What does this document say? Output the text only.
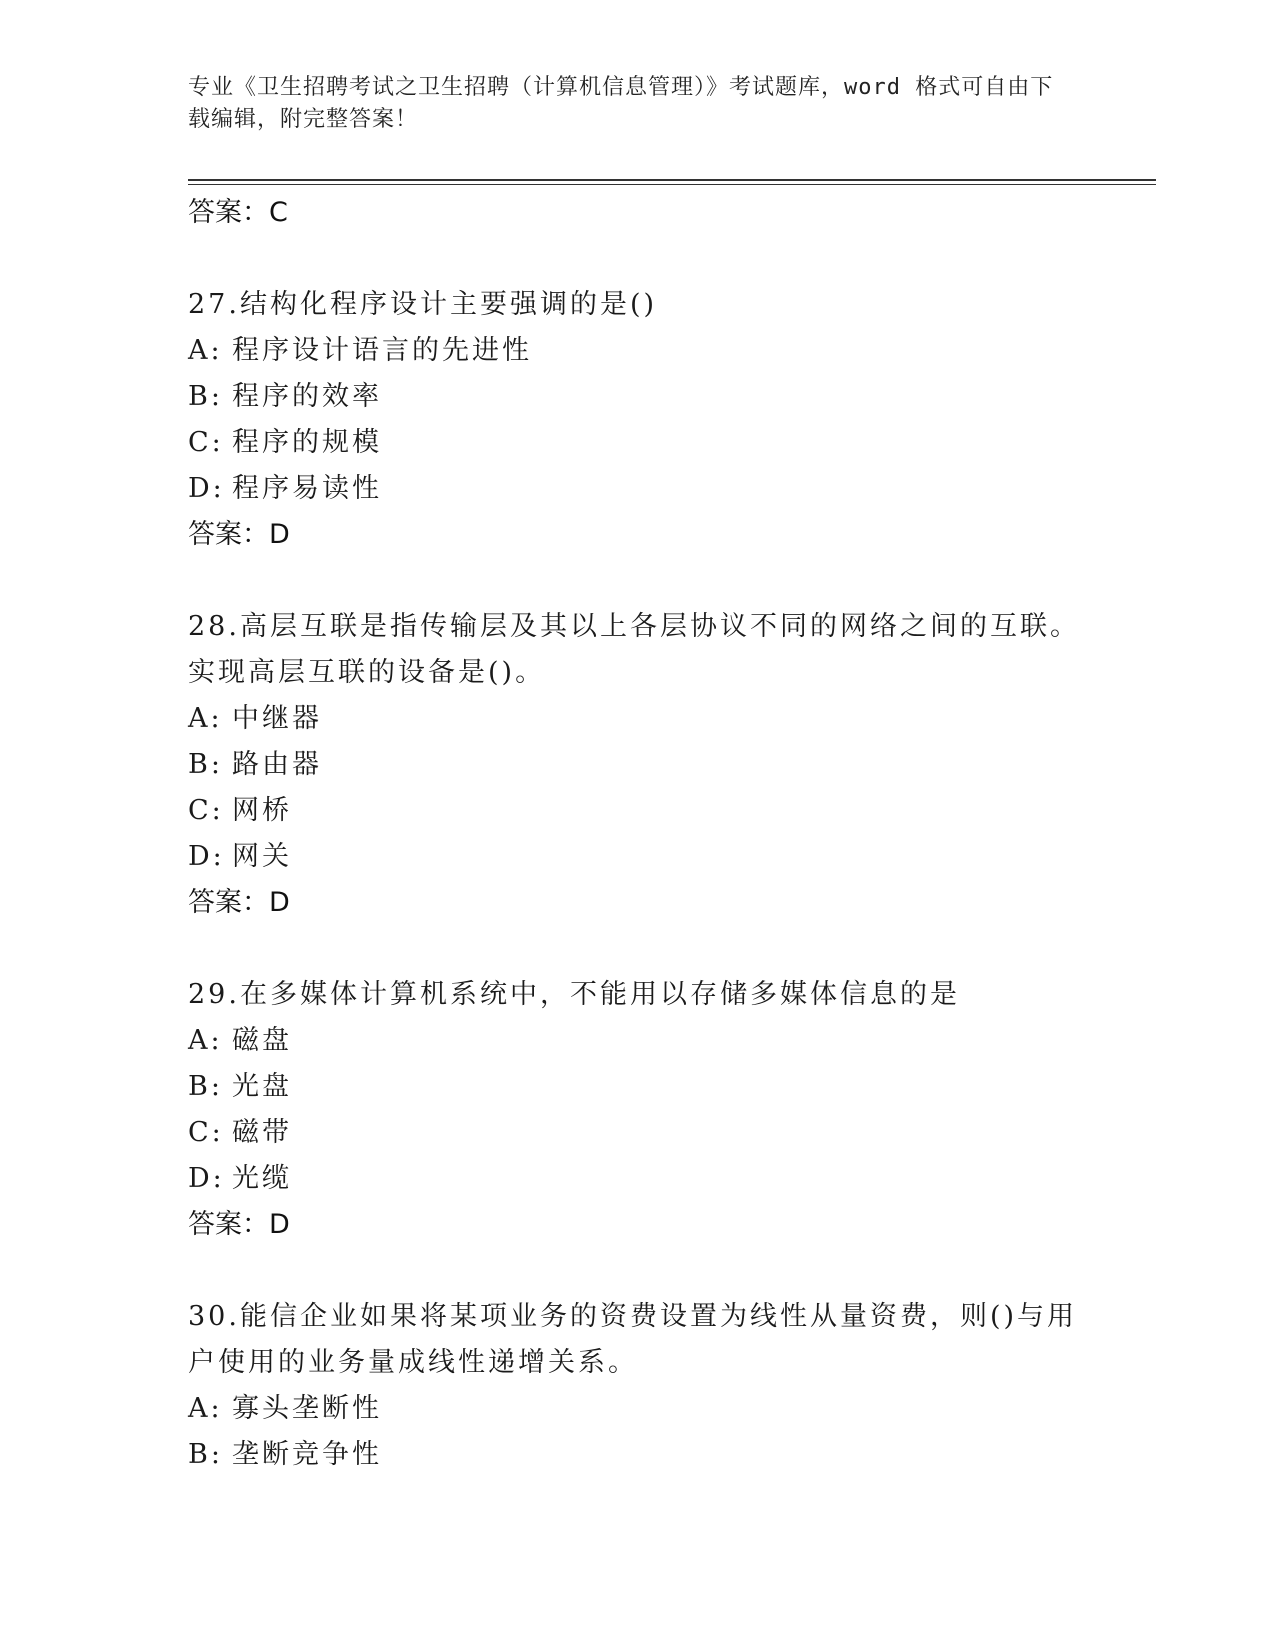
专业《卫生招聘考试之卫生招聘（计算机信息管理）》考试题库，word 格式可自由下载编辑，附完整答案！
答案：C

27.结构化程序设计主要强调的是()

A: 程序设计语言的先进性
B: 程序的效率
C: 程序的规模
D: 程序易读性
答案：D

28.高层互联是指传输层及其以上各层协议不同的网络之间的互联。实现高层互联的设备是()。

A: 中继器
B: 路由器
C: 网桥
D: 网关
答案：D

29.在多媒体计算机系统中，不能用以存储多媒体信息的是

A: 磁盘
B: 光盘
C: 磁带
D: 光缆
答案：D

30.能信企业如果将某项业务的资费设置为线性从量资费，则()与用户使用的业务量成线性递增关系。

A: 寡头垄断性
B: 垄断竞争性
